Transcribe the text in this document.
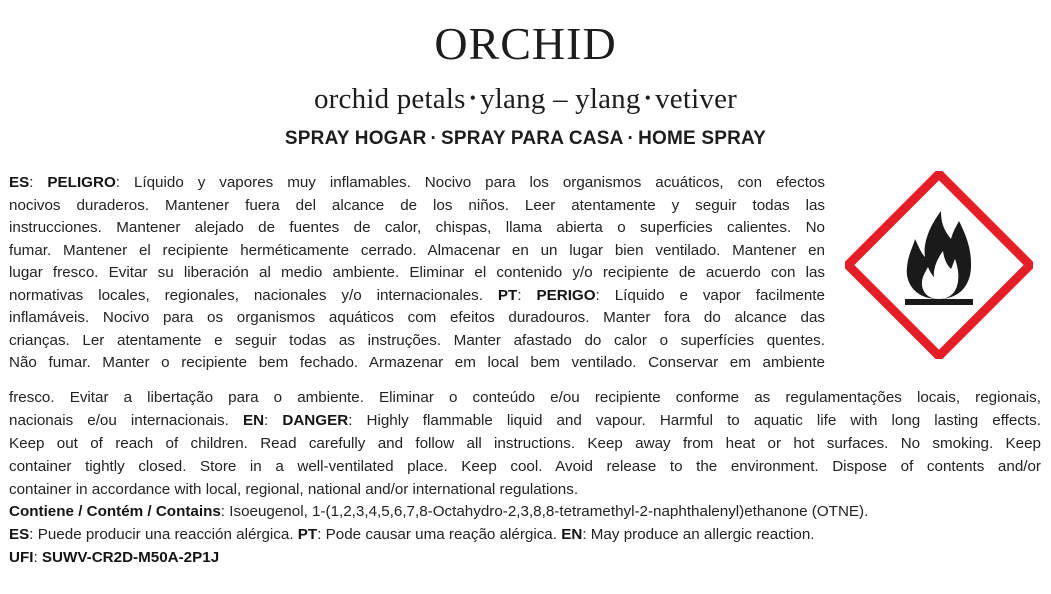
ORCHID
orchid petals • ylang – ylang • vetiver
SPRAY HOGAR · SPRAY PARA CASA · HOME SPRAY
ES: PELIGRO: Líquido y vapores muy inflamables. Nocivo para los organismos acuáticos, con efectos
nocivos duraderos. Mantener fuera del alcance de los niños. Leer atentamente y seguir todas las
instrucciones. Mantener alejado de fuentes de calor, chispas, llama abierta o superficies calientes. No
fumar. Mantener el recipiente herméticamente cerrado. Almacenar en un lugar bien ventilado. Mantener en
lugar fresco. Evitar su liberación al medio ambiente. Eliminar el contenido y/o recipiente de acuerdo con las
normativas locales, regionales, nacionales y/o internacionales. PT: PERIGO: Líquido e vapor facilmente
inflamáveis. Nocivo para os organismos aquáticos com efeitos duradouros. Manter fora do alcance das
crianças. Ler atentamente e seguir todas as instruções. Manter afastado do calor o superfícies quentes.
Não fumar. Manter o recipiente bem fechado. Armazenar em local bem ventilado. Conservar em ambiente
fresco. Evitar a libertação para o ambiente. Eliminar o conteúdo e/ou recipiente conforme as regulamentações locais, regionais,
nacionais e/ou internacionais. EN: DANGER: Highly flammable liquid and vapour. Harmful to aquatic life with long lasting effects.
Keep out of reach of children. Read carefully and follow all instructions. Keep away from heat or hot surfaces. No smoking. Keep
container tightly closed. Store in a well-ventilated place. Keep cool. Avoid release to the environment. Dispose of contents and/or
container in accordance with local, regional, national and/or international regulations.
Contiene / Contém / Contains: Isoeugenol, 1-(1,2,3,4,5,6,7,8-Octahydro-2,3,8,8-tetramethyl-2-naphthalenyl)ethanone (OTNE).
ES: Puede producir una reacción alérgica. PT: Pode causar uma reação alérgica. EN: May produce an allergic reaction.
UFI: SUWV-CR2D-M50A-2P1J
